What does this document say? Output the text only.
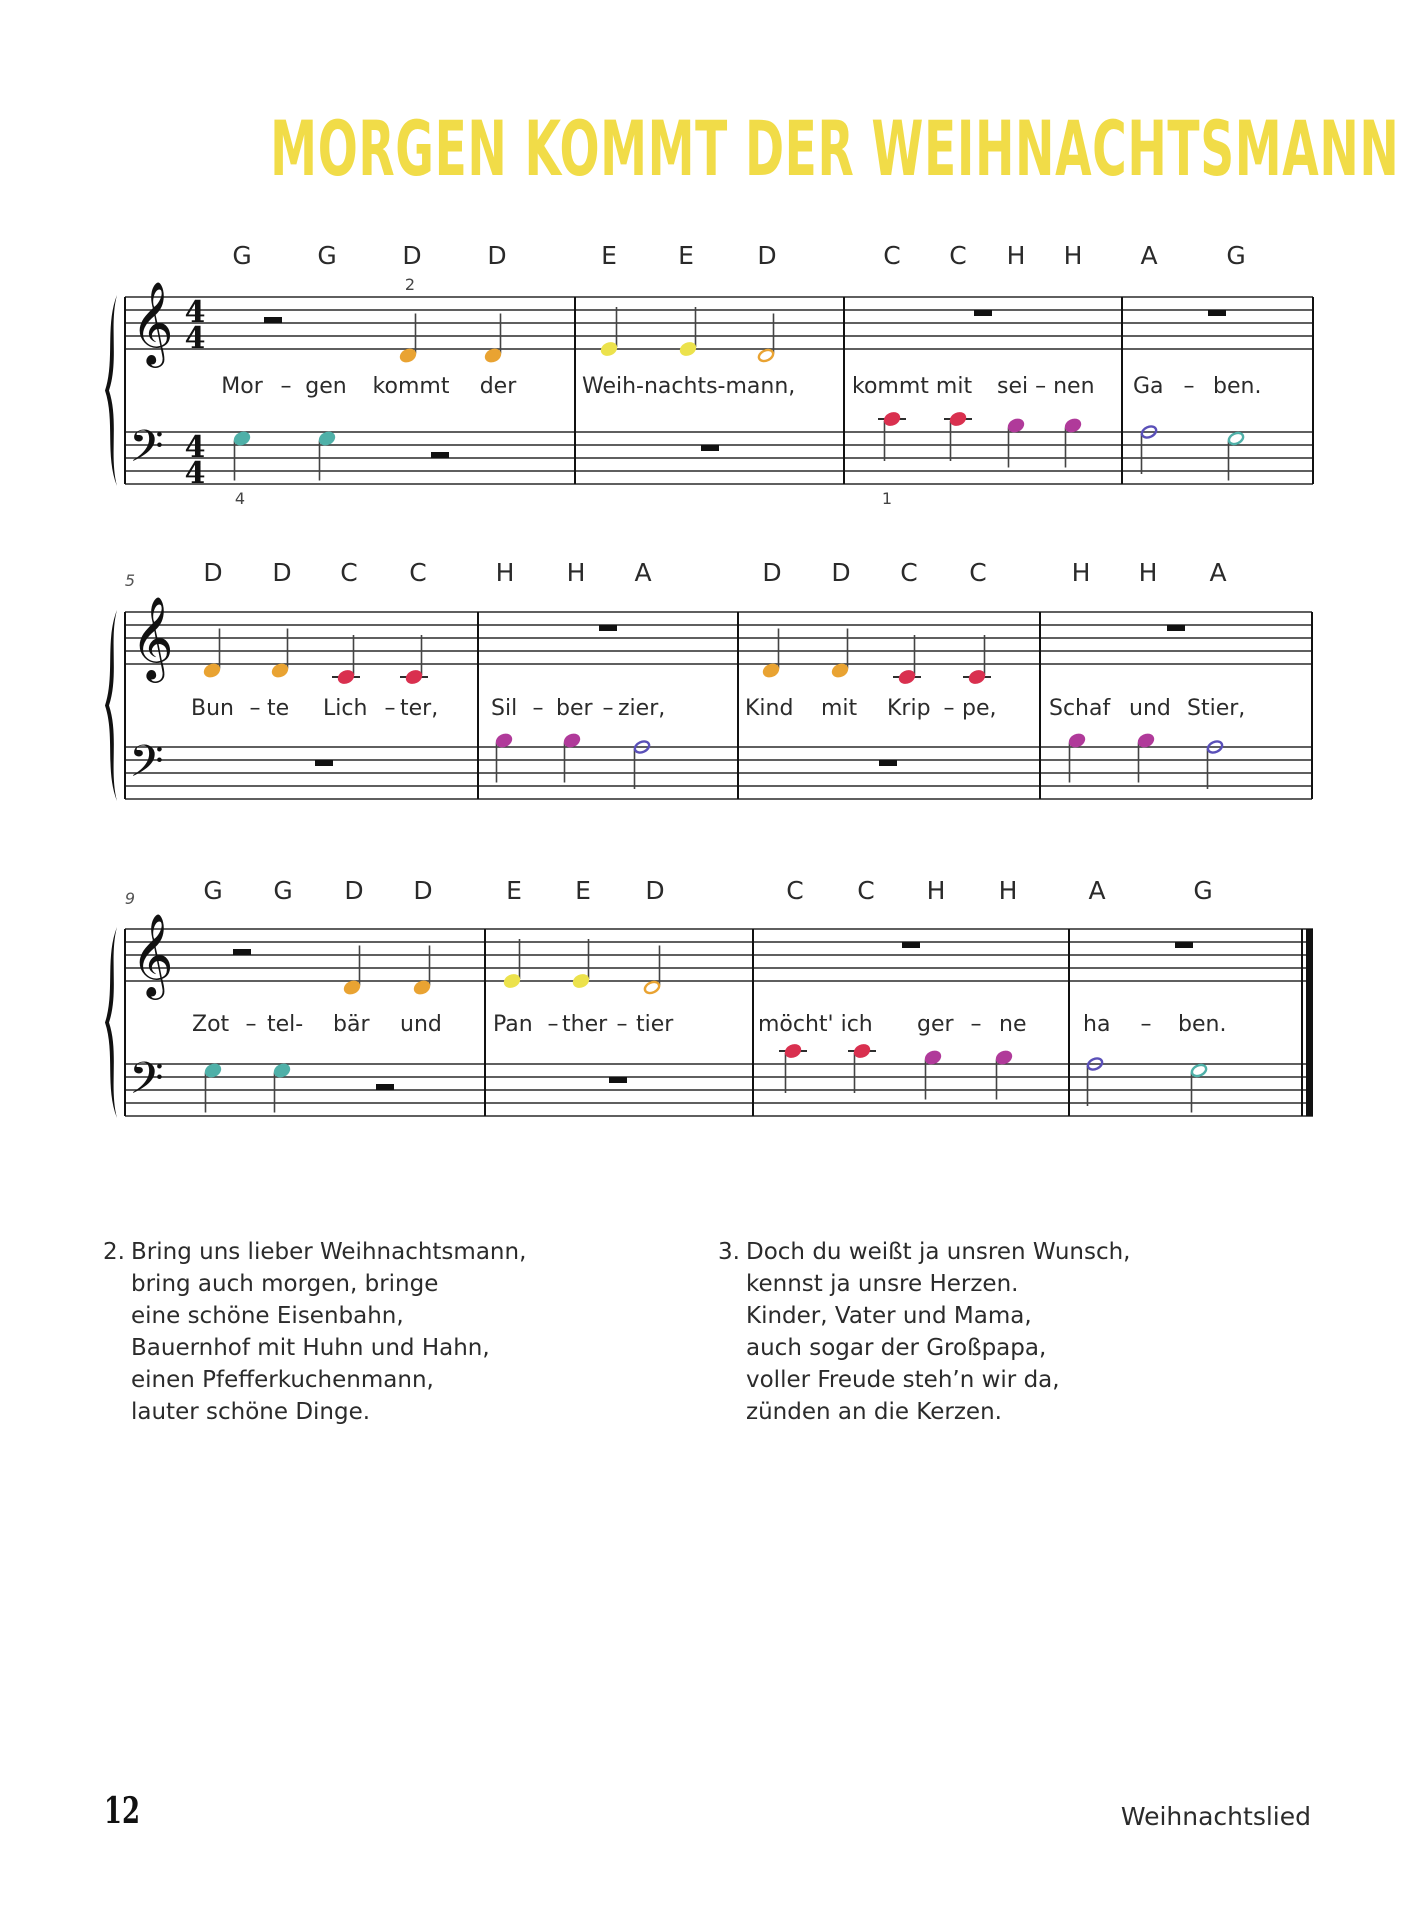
MORGEN KOMMT DER WEIHNACHTSMANN
𝄞
𝄢
4
4
4
4
G	G	D	D	E E	D	C C H H A	G
2
4	1
Mor – gen kommt der	Weih-nachts-mann,	kommt mit sei – nen Ga – ben.
𝄞
𝄢
5	D D C C	H H A	D D C C	H H A
Bun – te Lich – ter, Sil – ber – zier,	Kind mit Krip – pe, Schaf und Stier,
𝄞
𝄢
9	G G D D	E E D	C C H H	A	G
Zot – tel- bär und Pan – ther – tier	möcht' ich ger – ne	ha – ben.
2. Bring uns lieber Weihnachtsmann,
bring auch morgen, bringe
eine schöne Eisenbahn,
Bauernhof mit Huhn und Hahn,
einen Pfefferkuchenmann,
lauter schöne Dinge.
3. Doch du weißt ja unsren Wunsch,
kennst ja unsre Herzen.
Kinder, Vater und Mama,
auch sogar der Großpapa,
voller Freude steh’n wir da,
zünden an die Kerzen.
12	Weihnachtslied
